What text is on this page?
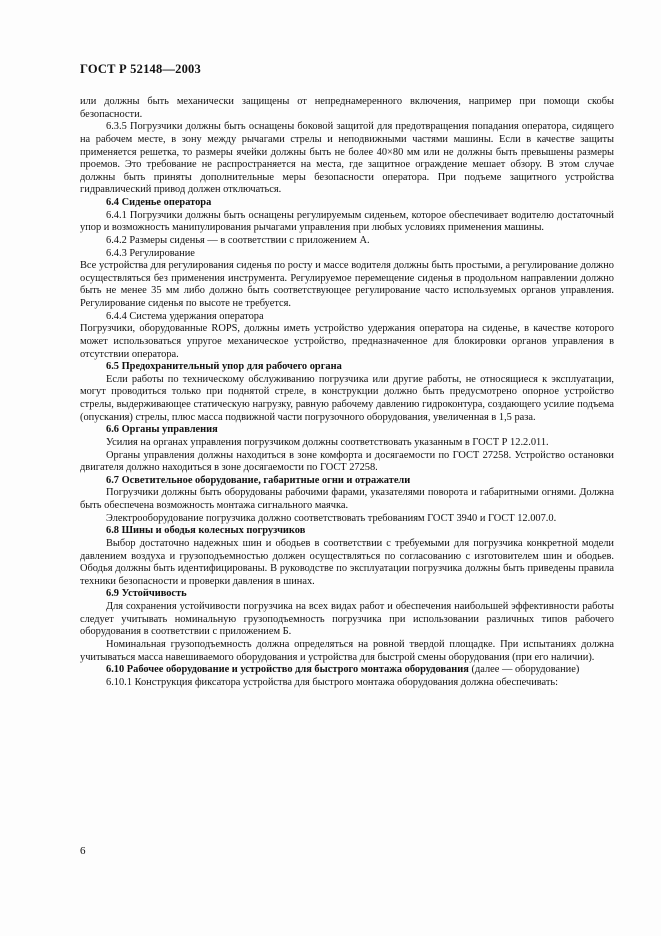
ГОСТ Р 52148—2003

или должны быть механически защищены от непреднамеренного включения, например при помощи скобы безопасности.

6.3.5 Погрузчики должны быть оснащены боковой защитой для предотвращения попадания оператора, сидящего на рабочем месте, в зону между рычагами стрелы и неподвижными частями машины. Если в качестве защиты применяется решетка, то размеры ячейки должны быть не более 40×80 мм или не должны быть превышены размеры проемов. Это требование не распространяется на места, где защитное ограждение мешает обзору. В этом случае должны быть приняты дополнительные меры безопасности оператора. При подъеме защитного устройства гидравлический привод должен отключаться.

6.4 Сиденье оператора

6.4.1 Погрузчики должны быть оснащены регулируемым сиденьем, которое обеспечивает водителю достаточный упор и возможность манипулирования рычагами управления при любых условиях применения машины.

6.4.2 Размеры сиденья — в соответствии с приложением А.

6.4.3 Регулирование

Все устройства для регулирования сиденья по росту и массе водителя должны быть простыми, а регулирование должно осуществляться без применения инструмента. Регулируемое перемещение сиденья в продольном направлении должно быть не менее 35 мм либо должно быть соответствующее регулирование часто используемых органов управления. Регулирование сиденья по высоте не требуется.

6.4.4 Система удержания оператора

Погрузчики, оборудованные ROPS, должны иметь устройство удержания оператора на сиденье, в качестве которого может использоваться упругое механическое устройство, предназначенное для блокировки органов управления в отсутствии оператора.

6.5 Предохранительный упор для рабочего органа

Если работы по техническому обслуживанию погрузчика или другие работы, не относящиеся к эксплуатации, могут проводиться только при поднятой стреле, в конструкции должно быть предусмотрено опорное устройство стрелы, выдерживающее статическую нагрузку, равную рабочему давлению гидроконтура, создающего усилие подъема (опускания) стрелы, плюс масса подвижной части погрузочного оборудования, увеличенная в 1,5 раза.

6.6 Органы управления

Усилия на органах управления погрузчиком должны соответствовать указанным в ГОСТ Р 12.2.011.

Органы управления должны находиться в зоне комфорта и досягаемости по ГОСТ 27258. Устройство остановки двигателя должно находиться в зоне досягаемости по ГОСТ 27258.

6.7 Осветительное оборудование, габаритные огни и отражатели

Погрузчики должны быть оборудованы рабочими фарами, указателями поворота и габаритными огнями. Должна быть обеспечена возможность монтажа сигнального маячка.

Электрооборудование погрузчика должно соответствовать требованиям ГОСТ 3940 и ГОСТ 12.007.0.

6.8 Шины и ободья колесных погрузчиков

Выбор достаточно надежных шин и ободьев в соответствии с требуемыми для погрузчика конкретной модели давлением воздуха и грузоподъемностью должен осуществляться по согласованию с изготовителем шин и ободьев. Ободья должны быть идентифицированы. В руководстве по эксплуатации погрузчика должны быть приведены правила техники безопасности и проверки давления в шинах.

6.9 Устойчивость

Для сохранения устойчивости погрузчика на всех видах работ и обеспечения наибольшей эффективности работы следует учитывать номинальную грузоподъемность погрузчика при использовании различных типов рабочего оборудования в соответствии с приложением Б.

Номинальная грузоподъемность должна определяться на ровной твердой площадке. При испытаниях должна учитываться масса навешиваемого оборудования и устройства для быстрой смены оборудования (при его наличии).

6.10 Рабочее оборудование и устройство для быстрого монтажа оборудования (далее — оборудование)

6.10.1 Конструкция фиксатора устройства для быстрого монтажа оборудования должна обеспечивать:

6
